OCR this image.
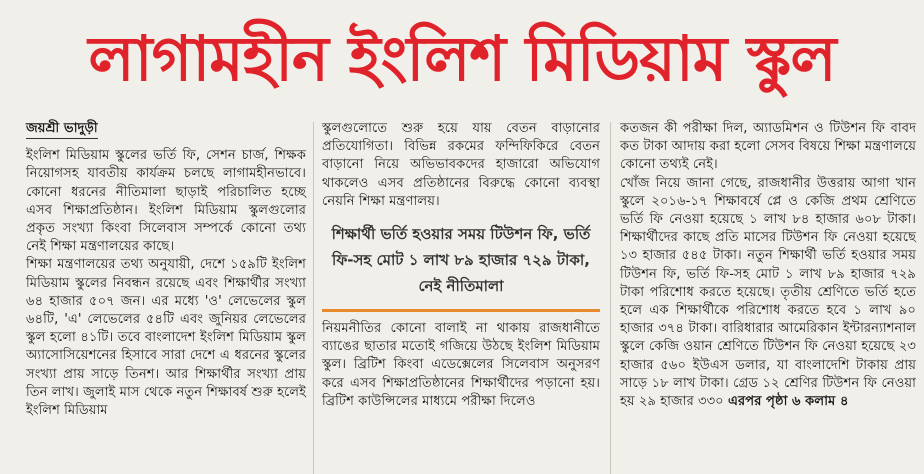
লাগামহীন ইংলিশ মিডিয়াম স্কুল
জয়শ্রী ভাদুড়ী

ইংলিশ মিডিয়াম স্কুলের ভর্তি ফি, সেশন চার্জ, শিক্ষক নিয়োগসহ যাবতীয় কার্যক্রম চলছে লাগামহীনভাবে। কোনো ধরনের নীতিমালা ছাড়াই পরিচালিত হচ্ছে এসব শিক্ষাপ্রতিষ্ঠান। ইংলিশ মিডিয়াম স্কুলগুলোর প্রকৃত সংখ্যা কিংবা সিলেবাস সম্পর্কে কোনো তথ্য নেই শিক্ষা মন্ত্রণালয়ের কাছে।

শিক্ষা মন্ত্রণালয়ের তথ্য অনুযায়ী, দেশে ১৫৯টি ইংলিশ মিডিয়াম স্কুলের নিবন্ধন রয়েছে এবং শিক্ষার্থীর সংখ্যা ৬৪ হাজার ৫০৭ জন। এর মধ্যে 'ও' লেভেলের স্কুল ৬৪টি, 'এ' লেভেলের ৫৪টি এবং জুনিয়র লেভেলের স্কুল হলো ৪১টি। তবে বাংলাদেশ ইংলিশ মিডিয়াম স্কুল অ্যাসোসিয়েশনের হিসাবে সারা দেশে এ ধরনের স্কুলের সংখ্যা প্রায় সাড়ে তিনশ। আর শিক্ষার্থীর সংখ্যা প্রায় তিন লাখ। জুলাই মাস থেকে নতুন শিক্ষাবর্ষ শুরু হলেই ইংলিশ মিডিয়াম

স্কুলগুলোতে শুরু হয়ে যায় বেতন বাড়ানোর প্রতিযোগিতা। বিভিন্ন রকমের ফন্দিফিকিরে বেতন বাড়ানো নিয়ে অভিভাবকদের হাজারো অভিযোগ থাকলেও এসব প্রতিষ্ঠানের বিরুদ্ধে কোনো ব্যবস্থা নেয়নি শিক্ষা মন্ত্রণালয়।

শিক্ষার্থী ভর্তি হওয়ার সময় টিউশন ফি, ভর্তি ফি-সহ মোট ১ লাখ ৮৯ হাজার ৭২৯ টাকা, নেই নীতিমালা

নিয়মনীতির কোনো বালাই না থাকায় রাজধানীতে ব্যাঙের ছাতার মতোই গজিয়ে উঠছে ইংলিশ মিডিয়াম স্কুল। ব্রিটিশ কিংবা এডেক্সেলের সিলেবাস অনুসরণ করে এসব শিক্ষাপ্রতিষ্ঠানের শিক্ষার্থীদের পড়ানো হয়। ব্রিটিশ কাউন্সিলের মাধ্যমে পরীক্ষা দিলেও

কতজন কী পরীক্ষা দিল, অ্যাডমিশন ও টিউশন ফি বাবদ কত টাকা আদায় করা হলো সেসব বিষয়ে শিক্ষা মন্ত্রণালয়ে কোনো তথ্যই নেই।

খোঁজ নিয়ে জানা গেছে, রাজধানীর উত্তরায় আগা খান স্কুলে ২০১৬-১৭ শিক্ষাবর্ষে প্লে ও কেজি প্রথম শ্রেণিতে ভর্তি ফি নেওয়া হয়েছে ১ লাখ ৮৪ হাজার ৬০৮ টাকা। শিক্ষার্থীদের কাছে প্রতি মাসের টিউশন ফি নেওয়া হয়েছে ১৩ হাজার ৫৪৫ টাকা। নতুন শিক্ষার্থী ভর্তি হওয়ার সময় টিউশন ফি, ভর্তি ফি-সহ মোট ১ লাখ ৮৯ হাজার ৭২৯ টাকা পরিশোধ করতে হয়েছে। তৃতীয় শ্রেণিতে ভর্তি হতে হলে এক শিক্ষার্থীকে পরিশোধ করতে হবে ১ লাখ ৯০ হাজার ৩৭৪ টাকা। বারিধারার আমেরিকান ইন্টারন্যাশনাল স্কুলে কেজি ওয়ান শ্রেণিতে টিউশন ফি নেওয়া হয়েছে ২৩ হাজার ৫৬০ ইউএস ডলার, যা বাংলাদেশি টাকায় প্রায় সাড়ে ১৮ লাখ টাকা। গ্রেড ১২ শ্রেণির টিউশন ফি নেওয়া হয় ২৯ হাজার ৩৩০ এরপর পৃষ্ঠা ৬ কলাম ৪
